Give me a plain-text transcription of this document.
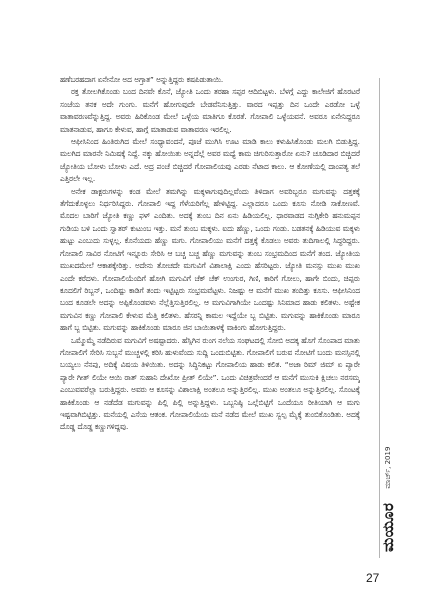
ಹಣೆಬರಹದಾಗ ಏನೇನೋ ಅದ ಅಗ್ತಾತ” ಅನ್ನುತ್ತಿದ್ದರು ಕಷಪಿಡುತಾಯಿ.

ರಕ್ತ ತೋಲಗಿಕೊಂಡು ಬಂದ ದಿನವೇ ಕೊನೆ, ಜ್ಯೋತಿ ಒಂದು ತರಹಾ ಸಪ್ಪರ ಆದಿಬಿಟ್ಟಳು. ಬೆಳಗ್ಗೆ ಎದ್ದು ಕಾಲೇಜಿಗೆ ಹೊರಟರೆ ಸಂಜೆಯ ತನಕ ಅದೇ ಗುಂಗು. ಮನೆಗೆ ಹೋಗುವುದೇ ಬೇಡವೆನಿಸುತ್ತಿತ್ತು. ವಾರದ ಇಪ್ಪತ್ತು ದಿನ ಒಂದೇ ಎರಡೋ ಒಳ್ಳೆ ವಾತಾವರಣವೆನ್ನುತ್ತಿದ್ದ. ಅವರು ಹಿರಿಕೊಂಡ ಮೇಲೆ ಒಳ್ಳೆಯ ಮಾತಿಗೂ ಕೊರತೆ. ಗೋಪಾಲಿ ಒಳ್ಳೆಯವನೆ. ಅವರೂ ಏನೇನಿದ್ದರೂ ಮಾತನಾಡುವ, ಹಾಗೂ ಕೇಳುವ, ಹಾಗ್ಗೆ ಮಾತಾಡುವ ವಾತಾವರಣ ಇರಲಿಲ್ಲ.

ಆಫೀಸಿನಿಂದ ಹಿಂತಿರುಗಿದ ಮೇಲೆ ಸಂಧ್ಯಾವಂದನೆ, ಪೂಜೆ ಮುಗಿಸಿ ಊಟ ಮಾಡಿ ಕಾಲು ಕಳುಹಿಸಿಕೊಂಡು ಮಲಗಿ ಬಿಡುತ್ತಿದ್ದ. ಮಲಗಿದ ಮಾರನೇ ನಿಮಿಷಕ್ಕೆ ನಿದ್ದೆ. ನಕ್ಕು ಹೋಯಿತು ಅನ್ನದೆಲ್ಲೆ ಅವರ ಮಧ್ಯೆ ಕಾಮ ಚಿಗುರಿಸುತ್ತಾರೋ ಏನು? ಚೂಡಿದಾರ ಬಿಚ್ಚಿದರೆ ಜ್ಯೋತಿಯ ಬೋಳು ಬೋಳು ಎದೆ. ಅದ್ರ ಪಂಚೆ ಬಿಚ್ಚಿದರೆ ಗೋಪಾಲಿಯವು ಎರಡು ನೆಟಾದ ಕಾಲು. ಆ ಕೋಣೆಯಲ್ಲಿ ದಾಂಪತ್ಯ ತಲೆ ಎತ್ತಿರಲೇ ಇಲ್ಲ.

ಅನೇಕ ಡಾಕ್ಟರುಗಳನ್ನು ಕಂಡ ಮೇಲೆ ತಮಗಿನ್ನು ಮಕ್ಕಳಾಗುವುದಿಲ್ಲವೆಂದು ತಿಳಿದಾಗ ಅವರಿಬ್ಬರೂ ಮಗುವನ್ನು ದತ್ತಕಕ್ಕೆ ತೆಗೆದುಕೊಳ್ಳಲು ನಿರ್ಧರಿಸಿದ್ದರು. ಗೋಪಾಲಿ ಇದ್ದ ಗೆಳೆಯರಿಗೆಲ್ಲ ಹೇಳಿಟ್ಟಿದ್ದ. ಎಲ್ಲಾದರೂ ಒಂದು ಕೂಸು ನೋಡಿ ಸಾಕೋಣವೆ. ಮೊದಲ ಬಾರಿಗೆ ಜ್ಯೋತಿ ಕಣ್ಣು ಫಳ್ ಎಂದಿತು. ಅದಕ್ಕೆ ತುಂಬ ದಿನ ಏನು ಹಿಡಿಯಲಿಲ್ಲ. ಧಾರವಾಡದ ನುಗ್ಗಿಕೇರಿ ಹನುಮಪ್ಪನ ಗುಡಿಯ ಬಳಿ ಒಂದು ಸ್ವಾತರ್ ಕುಟುಂಬ ಇತ್ತು. ಮನೆ ತುಂಬ ಮಕ್ಕಳು. ಐದು ಹೆಣ್ಣು, ಒಂದು ಗಂಡು. ಬಡತನಕ್ಕೆ ಹಿಡಿಯುವ ಮಕ್ಕಳು ಹುಟ್ಟು ಎಂಬುದು ಸುಳ್ಳಲ್ಲ. ಕೊನೆಯದು ಹೆಣ್ಣು ಮಗು. ಗೋಪಾಲಿಯು ಮನೆಗೆ ದತ್ತಕ್ಕೆ ಕೊಡಲು ಅವರು ತುದಿಗಾಲಲ್ಲಿ ಸಿದ್ಧರಿದ್ದರು. ಗೋಪಾಲಿ ಸಾವಿರ ನೋಟಿಗೆ ಇನ್ನೂರು ಸೇರಿಸಿ ಆ ಬಚ್ಚ ಬಚ್ಚ ಹೆಣ್ಣು ಮಗುವನ್ನು ತುಂಬ ಸಂಭ್ರಮದಿಂದ ಮನೆಗೆ ತಂದ. ಜ್ಯೋತಿಯ ಮುಖದಮೇಲೆ ಆಕಾಶಕ್ಕೇರಿತ್ತು. ಅದೇನು ತೋಚದೇ ಮಗುವಿಗೆ ವಿಶಾಲಾಕ್ಷಿ ಎಂದು ಹೆಸರಿಟ್ಟರು. ಜ್ಯೋತಿ ಮನಸ್ಸು ಮುಖ ಮುಖ ಎಂದೇ ಕರೆದಳು. ಗೋಪಾಲಿಯೆಂದಿಗೆ ಹೋಗಿ ಮಗುವಿಗೆ ಚೆಕ್ ಚೆಕ್ ಉಂಗುರ, ಗಿಣಿ, ಕಾರಿಗೆ ಗೋಲು, ಹಾಗೇ ಬಿಂದು, ಚಿಪ್ಪರು ಕೂದಲಿಗೆ ರಿಬ್ಬನ್, ಒಂದಿಷ್ಟು ಕಾಡಿಗೆ ತಂದು ಇಟ್ಟಿಟ್ಟರು ಸಂಭ್ರಮವೆಟ್ಟಳು. ನಿಜಷ್ಟು ಆ ಮನೆಗೆ ಮುಖ ತಂದಿತ್ತು ಕೂಸು. ಆಫೀಸಿನಿಂದ ಬಂದ ಕೂಡಲೇ ಅದನ್ನು ಅಪ್ಪಿಕೊಂಡವಳು ನೆಲ್ಲೆತ್ತಿಸುತ್ತಿರಲಿಲ್ಲ. ಆ ಮಗುವಿಗಾಗಿಯೇ ಒಂದಷ್ಟು ಸಿನಿಮಾದ ಹಾಡು ಕಲಿತಳು. ಅಷ್ಟೇಕ ಮಗುವಿನ ಕಣ್ಣು ಗೋಪಾಲಿ ಕೇಳುವ ಮೆತ್ತಿ ಕಲಿತಳು. ಹೆಸರನ್ನಿ ಕಾಮಲ ಇದ್ದೆಯೇ ಬ್ಬ ಬಿಟ್ಟಿತು. ಮಗುವನ್ನು ಹಾಕಿಕೊಂಡು ಮಾರೂ ಹಾಗೆ ಬ್ಬ ಬಿಟ್ಟಿತು. ಮಗುವನ್ನು ಹಾಕಿಕೊಂಡು ಮಾರೂ ಜಿನ ಬಾಯಿತಾಳಕ್ಕೆ ವಾಕಿಂಗು ಹೋಗುತ್ತಿದ್ದರು.

ಒಮ್ಮೊಮ್ಮೆ ನಡೆದಿರುವ ಮಗುವಿಗೆ ಅಷಷ್ಟಾದರು. ಹೆಸ್ಸಿಗಿನ ರುಂಗ ನಲೆಯ ಸಂಘಟದಲ್ಲಿ ಸೋಬಿ ಅದಕ್ಕ ಹೊಗೆ ಸೊಂಪಾದ ಮಾತು ಗೋಪಾಲಿಗೆ ಸೇರಿಸಿ ಸುಬ್ಬನೆ ಮುಚ್ಚಳಲ್ಲಿ ಕರಿಸಿ ಹುಳುವೆಂದು ಸುದ್ದಿ ಒಂದುಬಿಟ್ಟಿತು. ಗೋಪಾಲಿಗೆ ಬರುವ ನೋಟಿಗೆ ಬಂದು ಮನಸ್ಸಿನಲ್ಲಿ ಬಯ್ಯಲು ನೆನಪು, ಅದಿಕ್ಕೆ ವಿಷಯ ತಿಳಿಯಿತು. ಅದನ್ನು ಸಿದ್ಧಿನಿಕಟ್ಟು ಗೋಪಾಲಿಯ ಹಾಡು ಕಲಿತ. “ಅಜಾ ರಿಮ್ ಜಿಮ್ ಏ ಪ್ಯಾರೇ ಪ್ಯಾರೇ ಗೀತ್ ಲಿಯೇ ಆಯಿ ರಾತ್ ಸುಹಾನಿ ದೇಖೋ ಪ್ರೀತ್ ಲಿಯೇ”. ಒಂದು ವಿಚಿತ್ರವೇಂದರೆ ಆ ಮನೆಗೆ ಮುಸುಕಿ ಕ್ಷಿಚಲು ನರಸಮ್ಮ ಎಂಬುವವರೆಲ್ಲಾ ಬರುತ್ತಿದ್ದರು. ಅವರು ಆ ಕೂಸನ್ನು ವಿಶಾಲಾಕ್ಷಿ ಅಂತಲೂ ಅನ್ನುತ್ತಿರಲಿಲ್ಲ. ಮುಖ ಅಂತಲೂ ಅನ್ನುತ್ತಿರಲಿಲ್ಲ. ಸೊಂಟಕ್ಕೆ ಹಾಕಿಕೊಂಡು ಆ ನಡೆದೆಡ ಮಗುವನ್ನು ಪಿಲ್ಲಿ ಪಿಲ್ಲಿ ಅನ್ನುತ್ತಿದ್ದಳು. ಒಬ್ಬನಿಷ್ಠಿ ಒಲ್ಲೆಬಿಟ್ಟಿಗೆ ಒಂದೆಯೂ ರೀತಿಯಾಗಿ ಆ ಮಗು ಇಷ್ಟವಾಗಿಬಿಟ್ಟಿತ್ತು. ಮನೆಯಲ್ಲಿ ಎಸೆಯ ಆತಂಕ. ಗೋಪಾಲಿಯೆಯ ಮನೆ ನಡೆದ ಮೇಲೆ ಮುಖ ಸ್ವಲ್ಪ ಮೈಕ್ಕೆ ತುಂಬಿಕೊಂಡಿತು. ಅದಕ್ಕೆ ದೊಡ್ಡ ದೊಡ್ಡ ಕಣ್ಣುಗಳಿದ್ದವು.

ಮಯೂರ
ಮಾರ್ಚ್, 2019
27
